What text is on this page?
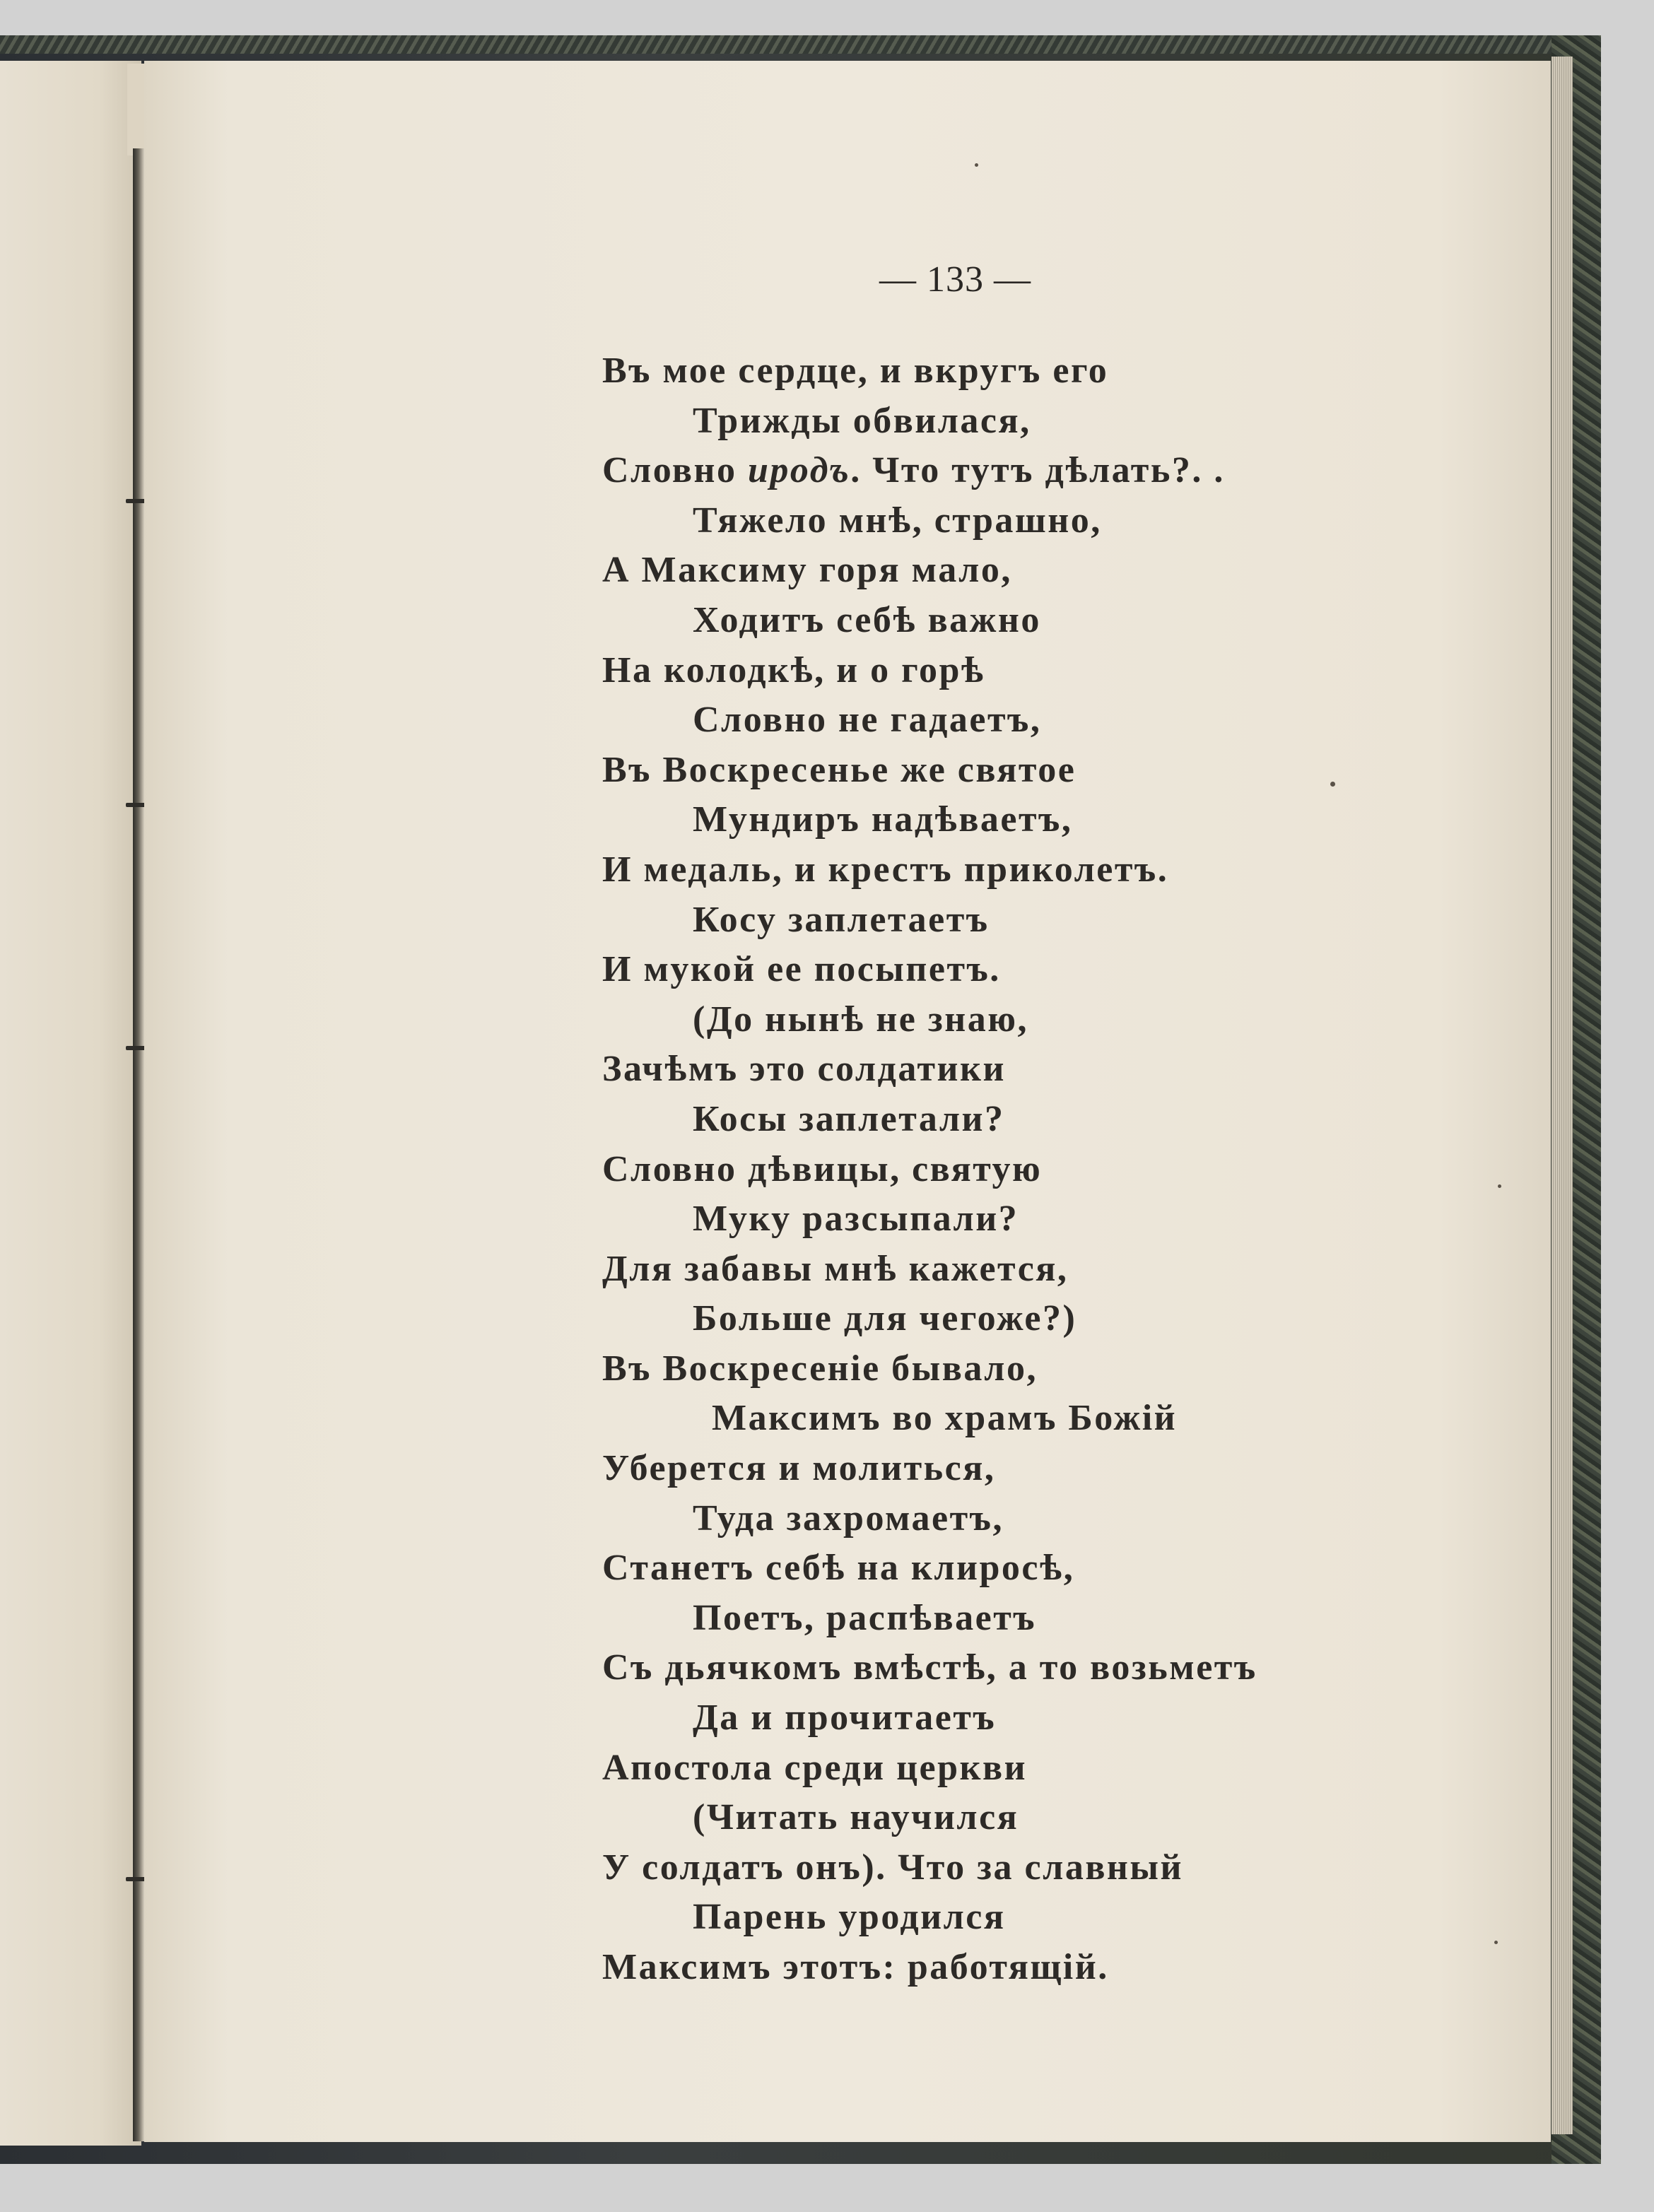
— 133 —
Въ мое сердце, и вкругъ его
Трижды обвилася,
Словно иродъ. Что тутъ дѣлать?. .
Тяжело мнѣ, страшно,
А Максиму горя мало,
Ходитъ себѣ важно
На колодкѣ, и о горѣ
Словно не гадаетъ,
Въ Воскресенье же святое
Мундиръ надѣваетъ,
И медаль, и крестъ приколетъ.
Косу заплетаетъ
И мукой ее посыпетъ.
(До нынѣ не знаю,
Зачѣмъ это солдатики
Косы заплетали?
Словно дѣвицы, святую
Муку разсыпали?
Для забавы мнѣ кажется,
Больше для чегоже?)
Въ Воскресеніе бывало,
Максимъ во храмъ Божій
Уберется и молиться,
Туда захромаетъ,
Станетъ себѣ на клиросѣ,
Поетъ, распѣваетъ
Съ дьячкомъ вмѣстѣ, а то возьметъ
Да и прочитаетъ
Апостола среди церкви
(Читать научился
У солдатъ онъ). Что за славный
Парень уродился
Максимъ этотъ: работящій.
